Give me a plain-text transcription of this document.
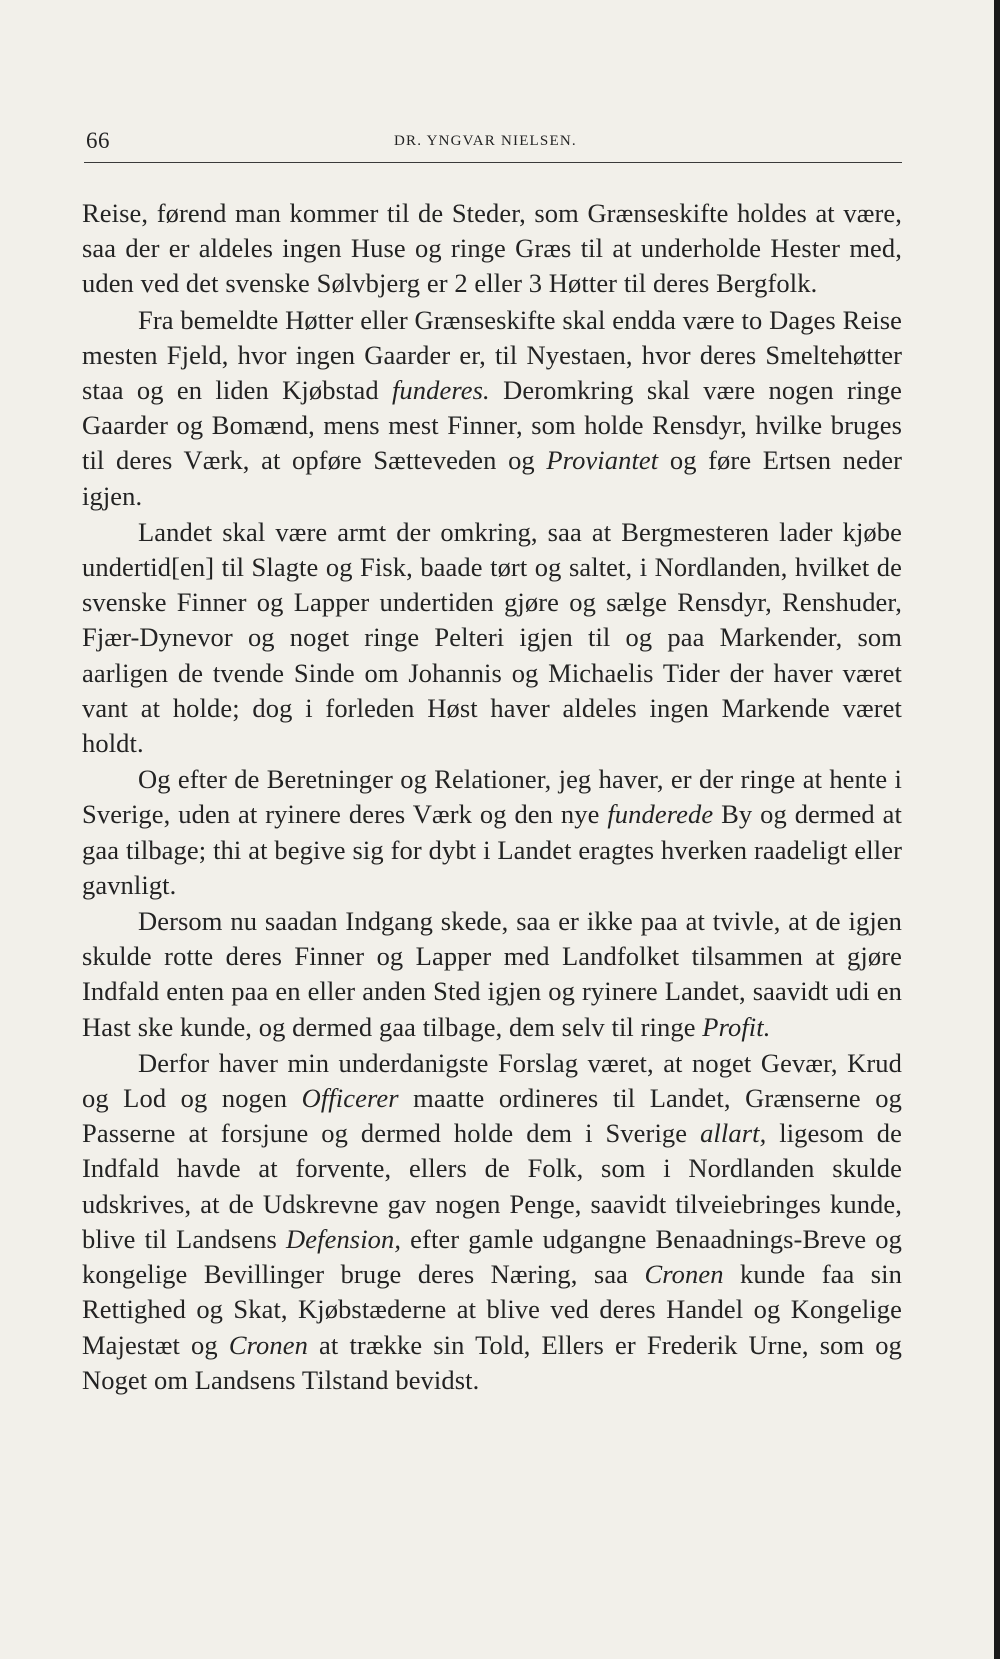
66	DR. YNGVAR NIELSEN.

Reise, førend man kommer til de Steder, som Grænseskifte holdes at være, saa der er aldeles ingen Huse og ringe Græs til at underholde Hester med, uden ved det svenske Sølvbjerg er 2 eller 3 Høtter til deres Bergfolk.

Fra bemeldte Høtter eller Grænseskifte skal endda være to Dages Reise mesten Fjeld, hvor ingen Gaarder er, til Nyestaen, hvor deres Smeltehøtter staa og en liden Kjøbstad funderes. Deromkring skal være nogen ringe Gaarder og Bomænd, mens mest Finner, som holde Rensdyr, hvilke bruges til deres Værk, at opføre Sætteveden og Proviantet og føre Ertsen neder igjen.

Landet skal være armt der omkring, saa at Bergmesteren lader kjøbe undertid[en] til Slagte og Fisk, baade tørt og saltet, i Nordlanden, hvilket de svenske Finner og Lapper undertiden gjøre og sælge Rensdyr, Renshuder, Fjær-Dynevor og noget ringe Pelteri igjen til og paa Markender, som aarligen de tvende Sinde om Johannis og Michaelis Tider der haver været vant at holde; dog i forleden Høst haver aldeles ingen Markende været holdt.

Og efter de Beretninger og Relationer, jeg haver, er der ringe at hente i Sverige, uden at ryinere deres Værk og den nye funderede By og dermed at gaa tilbage; thi at begive sig for dybt i Landet eragtes hverken raadeligt eller gavnligt.

Dersom nu saadan Indgang skede, saa er ikke paa at tvivle, at de igjen skulde rotte deres Finner og Lapper med Landfolket tilsammen at gjøre Indfald enten paa en eller anden Sted igjen og ryinere Landet, saavidt udi en Hast ske kunde, og dermed gaa tilbage, dem selv til ringe Profit.

Derfor haver min underdanigste Forslag været, at noget Gevær, Krud og Lod og nogen Officerer maatte ordineres til Landet, Grænserne og Passerne at forsjune og dermed holde dem i Sverige allart, ligesom de Indfald havde at forvente, ellers de Folk, som i Nordlanden skulde udskrives, at de Udskrevne gav nogen Penge, saavidt tilveiebringes kunde, blive til Landsens Defension, efter gamle udgangne Benaadnings-Breve og kongelige Bevillinger bruge deres Næring, saa Cronen kunde faa sin Rettighed og Skat, Kjøbstæderne at blive ved deres Handel og Kongelige Majestæt og Cronen at trække sin Told, Ellers er Frederik Urne, som og Noget om Landsens Tilstand bevidst.
